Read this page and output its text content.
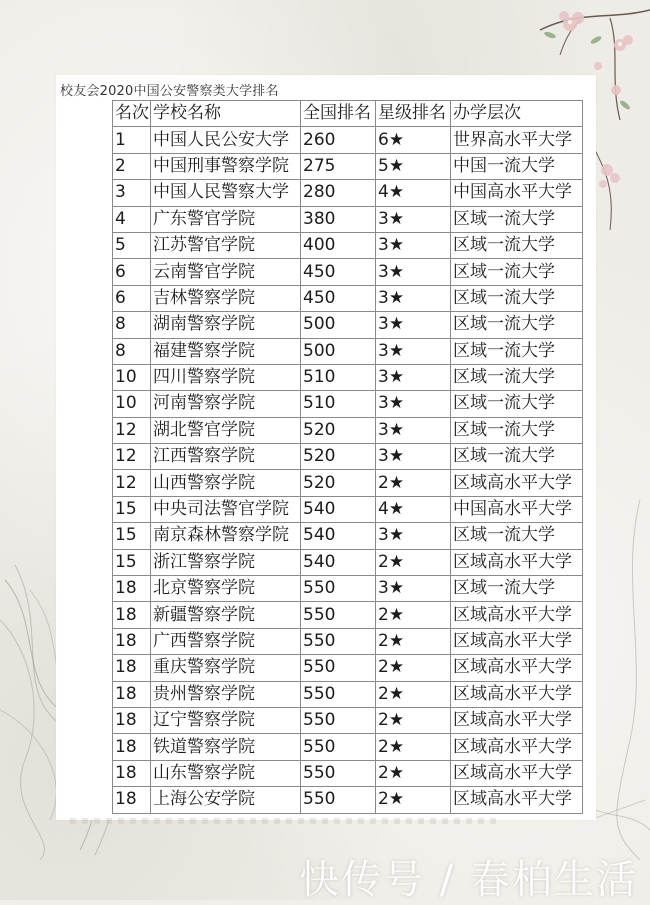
校友会2020中国公安警察类大学排名
名次	学校名称	全国排名	星级排名	办学层次
1	中国人民公安大学	260	6★	世界高水平大学
2	中国刑事警察学院	275	5★	中国一流大学
3	中国人民警察大学	280	4★	中国高水平大学
4	广东警官学院	380	3★	区域一流大学
5	江苏警官学院	400	3★	区域一流大学
6	云南警官学院	450	3★	区域一流大学
6	吉林警察学院	450	3★	区域一流大学
8	湖南警察学院	500	3★	区域一流大学
8	福建警察学院	500	3★	区域一流大学
10	四川警察学院	510	3★	区域一流大学
10	河南警察学院	510	3★	区域一流大学
12	湖北警官学院	520	3★	区域一流大学
12	江西警察学院	520	3★	区域一流大学
12	山西警察学院	520	2★	区域高水平大学
15	中央司法警官学院	540	4★	中国高水平大学
15	南京森林警察学院	540	3★	区域一流大学
15	浙江警察学院	540	2★	区域高水平大学
18	北京警察学院	550	3★	区域一流大学
18	新疆警察学院	550	2★	区域高水平大学
18	广西警察学院	550	2★	区域高水平大学
18	重庆警察学院	550	2★	区域高水平大学
18	贵州警察学院	550	2★	区域高水平大学
18	辽宁警察学院	550	2★	区域高水平大学
18	铁道警察学院	550	2★	区域高水平大学
18	山东警察学院	550	2★	区域高水平大学
18	上海公安学院	550	2★	区域高水平大学
快传号 / 春柏生活
